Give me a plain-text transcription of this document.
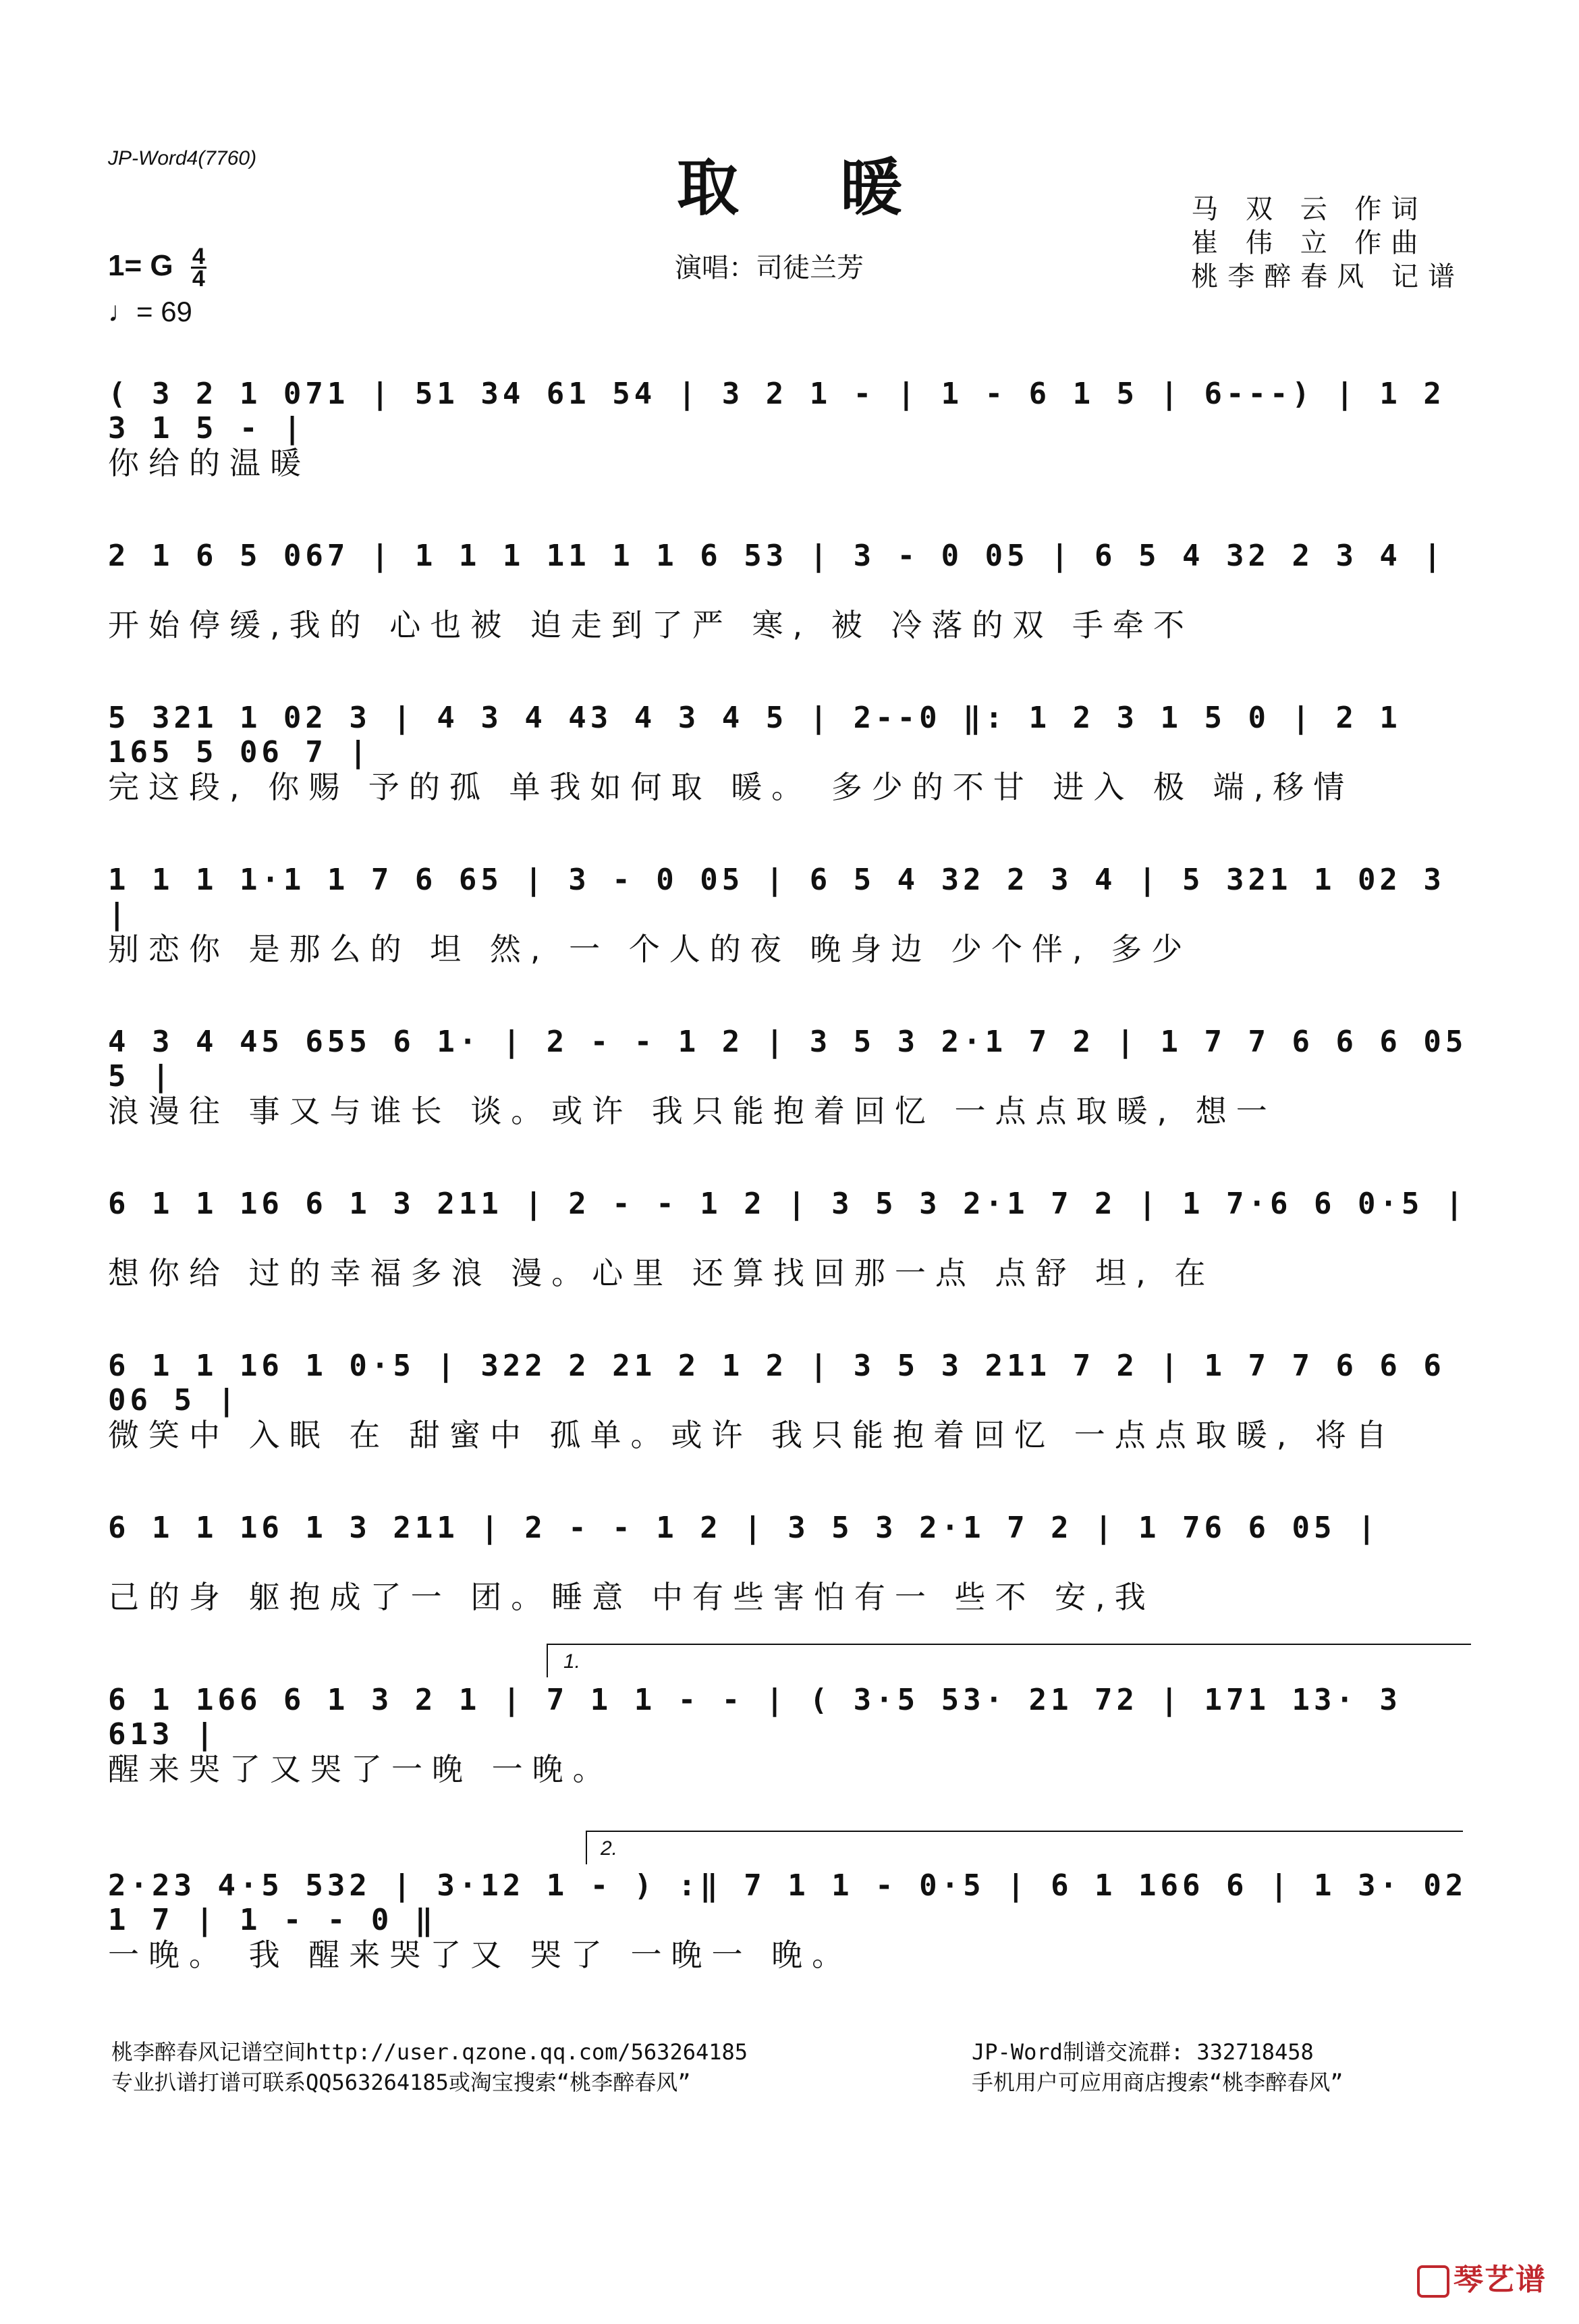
JP-Word4(7760)	取暖
演唱：司徒兰芳
马 双 云 作词
崔 伟 立 作曲
桃李醉春风 记谱
1= G $\frac{4}{4}$
♩= 69
( 3 2 1 071 | 51 34 61 54 | 3 2 1 - | 1 - 6 1 5 | 6---) | 1 2 3 1 5 - |
你给的温暖
2 1 6 5 067 | 1 1 1 11 1 1 6 53 | 3 - 0 05 | 6 5 4 32 2 3 4 |
开始停缓,我的 心也被 迫走到了严 寒, 被 冷落的双 手牵不
5 321 1 02 3 | 4 3 4 43 4 3 4 5 | 2--0 ‖: 1 2 3 1 5 0 | 2 1 165 5 06 7 |
完这段, 你赐 予的孤 单我如何取 暖。 多少的不甘 进入 极 端,移情
1 1 1 1·1 1 7 6 65 | 3 - 0 05 | 6 5 4 32 2 3 4 | 5 321 1 02 3 |
别恋你 是那么的 坦 然, 一 个人的夜 晚身边 少个伴, 多少
4 3 4 45 655 6 1· | 2 - - 1 2 | 3 5 3 2·1 7 2 | 1 7 7 6 6 6 05 5 |
浪漫往 事又与谁长 谈。或许 我只能抱着回忆 一点点取暖, 想一
6 1 1 16 6 1 3 211 | 2 - - 1 2 | 3 5 3 2·1 7 2 | 1 7·6 6 0·5 |
想你给 过的幸福多浪 漫。心里 还算找回那一点 点舒 坦, 在
6 1 1 16 1 0·5 | 322 2 21 2 1 2 | 3 5 3 211 7 2 | 1 7 7 6 6 6 06 5 |
微笑中 入眠 在 甜蜜中 孤单。或许 我只能抱着回忆 一点点取暖, 将自
6 1 1 16 1 3 211 | 2 - - 1 2 | 3 5 3 2·1 7 2 | 1 76 6 05 |
己的身 躯抱成了一 团。睡意 中有些害怕有一 些不 安,我
1.
6 1 166 6 1 3 2 1 | 7 1 1 - - | ( 3·5 53· 21 72 | 171 13· 3 613 |
醒来哭了又哭了一晚 一晚。
2.
2·23 4·5 532 | 3·12 1 - ) :‖ 7 1 1 - 0·5 | 6 1 166 6 | 1 3· 02 1 7 | 1 - - 0 ‖
一晚。 我 醒来哭了又 哭了 一晚一 晚。
桃李醉春风记谱空间http://user.qzone.qq.com/563264185
专业扒谱打谱可联系QQ563264185或淘宝搜索“桃李醉春风”
JP-Word制谱交流群: 332718458
手机用户可应用商店搜索“桃李醉春风”
琴艺谱
